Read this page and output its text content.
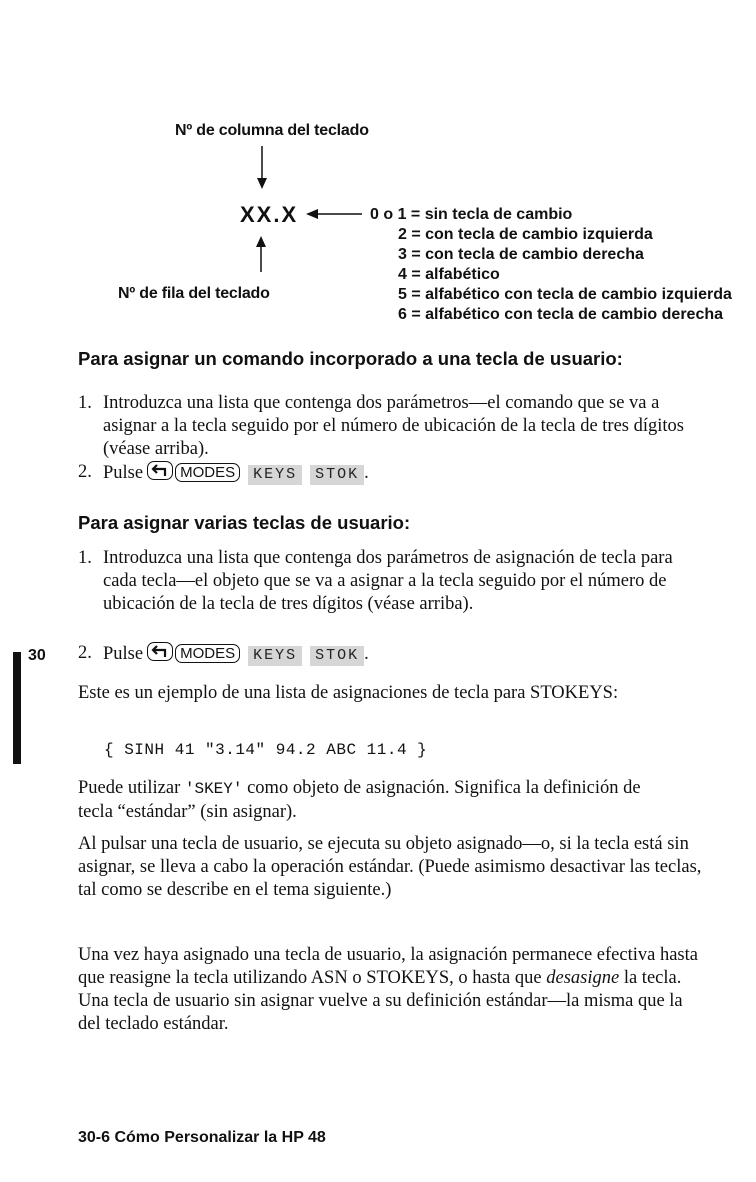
Nº de columna del teclado
XX.X
Nº de fila del teclado
0 o 1 = sin tecla de cambio
2 = con tecla de cambio izquierda
3 = con tecla de cambio derecha
4 = alfabético
5 = alfabético con tecla de cambio izquierda
6 = alfabético con tecla de cambio derecha
Para asignar un comando incorporado a una tecla de usuario:
1. Introduzca una lista que contenga dos parámetros—el comando que se va a asignar a la tecla seguido por el número de ubicación de la tecla de tres dígitos (véase arriba).
2. Pulse MODES KEYS STOK .
Para asignar varias teclas de usuario:
1. Introduzca una lista que contenga dos parámetros de asignación de tecla para cada tecla—el objeto que se va a asignar a la tecla seguido por el número de ubicación de la tecla de tres dígitos (véase arriba).
2. Pulse MODES KEYS STOK .
30
Este es un ejemplo de una lista de asignaciones de tecla para STOKEYS:
{ SINH 41 "3.14" 94.2 ABC 11.4 }
Puede utilizar 'SKEY' como objeto de asignación. Significa la definición de tecla “estándar” (sin asignar).
Al pulsar una tecla de usuario, se ejecuta su objeto asignado—o, si la tecla está sin asignar, se lleva a cabo la operación estándar. (Puede asimismo desactivar las teclas, tal como se describe en el tema siguiente.)
Una vez haya asignado una tecla de usuario, la asignación permanece efectiva hasta que reasigne la tecla utilizando ASN o STOKEYS, o hasta que desasigne la tecla. Una tecla de usuario sin asignar vuelve a su definición estándar—la misma que la del teclado estándar.
30-6 Cómo Personalizar la HP 48
